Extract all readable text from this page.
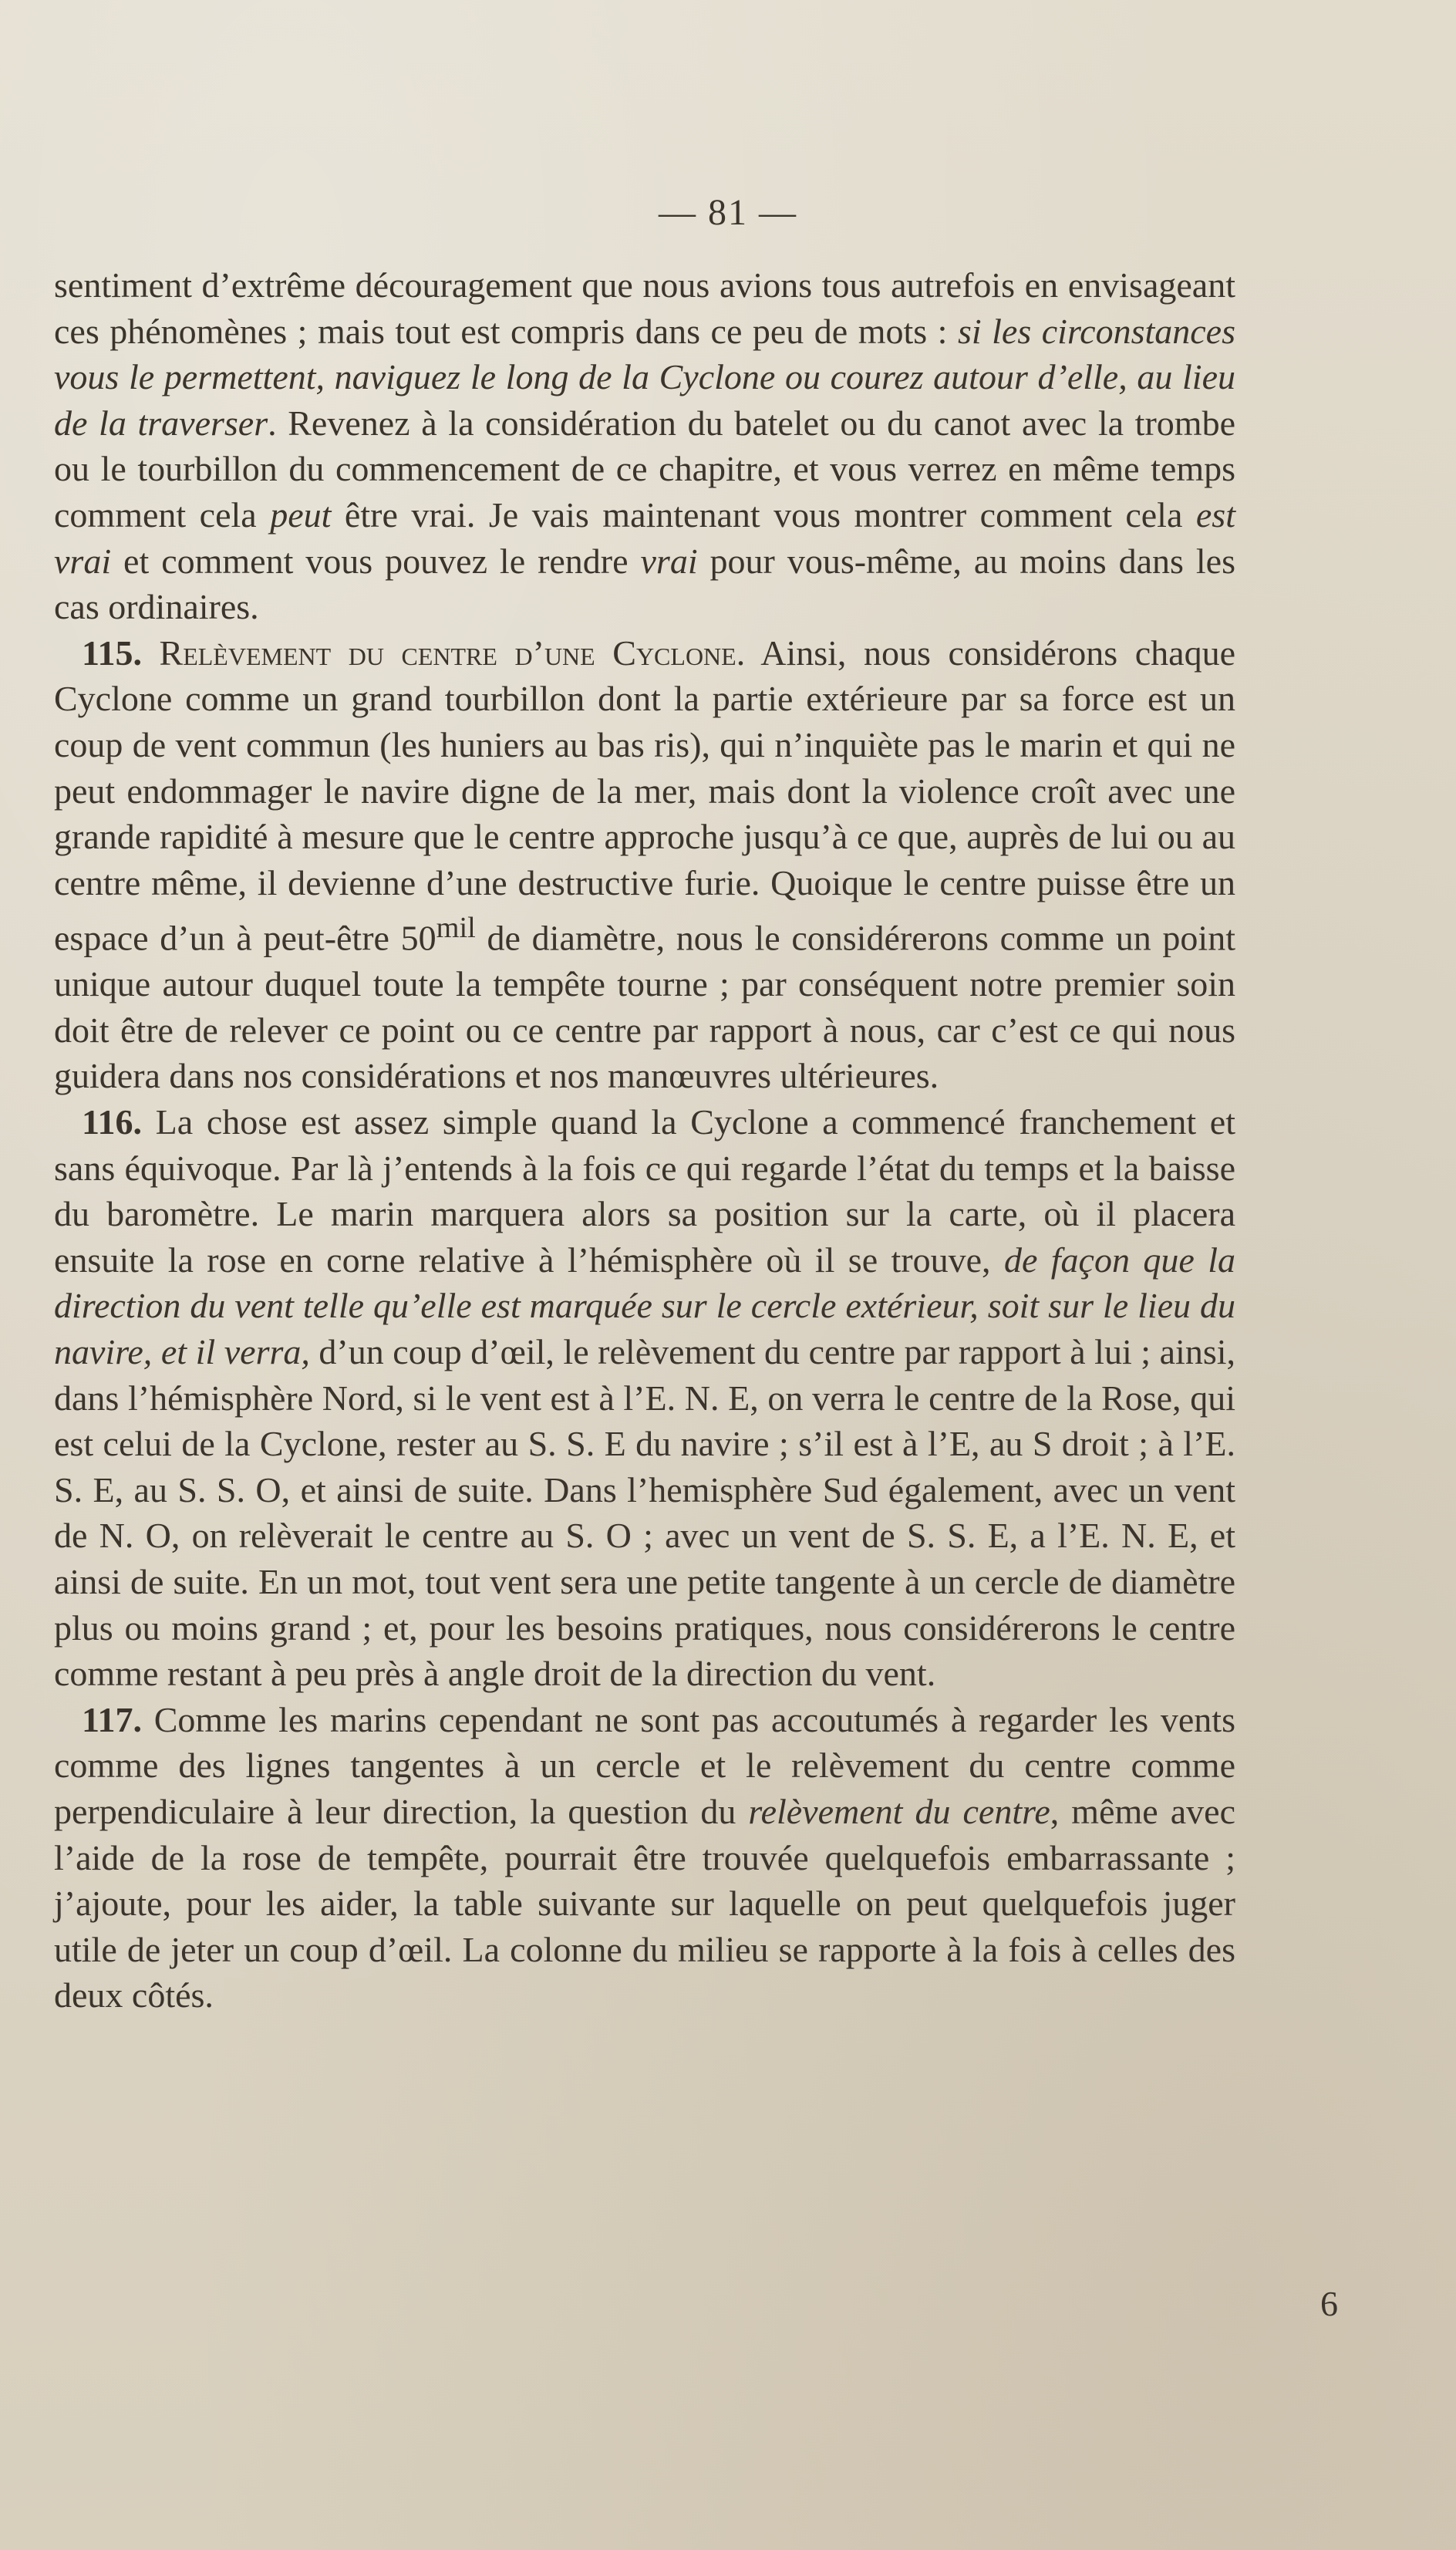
— 81 —

sentiment d’extrême découragement que nous avions tous autrefois en envisageant ces phénomènes ; mais tout est compris dans ce peu de mots : si les circonstances vous le permettent, naviguez le long de la Cyclone ou courez autour d’elle, au lieu de la traverser. Revenez à la considération du batelet ou du canot avec la trombe ou le tourbillon du commencement de ce chapitre, et vous verrez en même temps comment cela peut être vrai. Je vais maintenant vous montrer comment cela est vrai et comment vous pouvez le rendre vrai pour vous-même, au moins dans les cas ordinaires.

115. Relèvement du centre d’une Cyclone. Ainsi, nous considérons chaque Cyclone comme un grand tourbillon dont la partie extérieure par sa force est un coup de vent commun (les huniers au bas ris), qui n’inquiète pas le marin et qui ne peut endommager le navire digne de la mer, mais dont la violence croît avec une grande rapidité à mesure que le centre approche jusqu’à ce que, auprès de lui ou au centre même, il devienne d’une destructive furie. Quoique le centre puisse être un espace d’un à peut-être $50^{mil}$ de diamètre, nous le considérerons comme un point unique autour duquel toute la tempête tourne ; par conséquent notre premier soin doit être de relever ce point ou ce centre par rapport à nous, car c’est ce qui nous guidera dans nos considérations et nos manœuvres ultérieures.

116. La chose est assez simple quand la Cyclone a commencé franchement et sans équivoque. Par là j’entends à la fois ce qui regarde l’état du temps et la baisse du baromètre. Le marin marquera alors sa position sur la carte, où il placera ensuite la rose en corne relative à l’hémisphère où il se trouve, de façon que la direction du vent telle qu’elle est marquée sur le cercle extérieur, soit sur le lieu du navire, et il verra, d’un coup d’œil, le relèvement du centre par rapport à lui ; ainsi, dans l’hémisphère Nord, si le vent est à l’E. N. E, on verra le centre de la Rose, qui est celui de la Cyclone, rester au S. S. E du navire ; s’il est à l’E, au S droit ; à l’E. S. E, au S. S. O, et ainsi de suite. Dans l’hemisphère Sud également, avec un vent de N. O, on relèverait le centre au S. O ; avec un vent de S. S. E, a l’E. N. E, et ainsi de suite. En un mot, tout vent sera une petite tangente à un cercle de diamètre plus ou moins grand ; et, pour les besoins pratiques, nous considérerons le centre comme restant à peu près à angle droit de la direction du vent.

117. Comme les marins cependant ne sont pas accoutumés à regarder les vents comme des lignes tangentes à un cercle et le relèvement du centre comme perpendiculaire à leur direction, la question du relèvement du centre, même avec l’aide de la rose de tempête, pourrait être trouvée quelquefois embarrassante ; j’ajoute, pour les aider, la table suivante sur laquelle on peut quelquefois juger utile de jeter un coup d’œil. La colonne du milieu se rapporte à la fois à celles des deux côtés.

6
